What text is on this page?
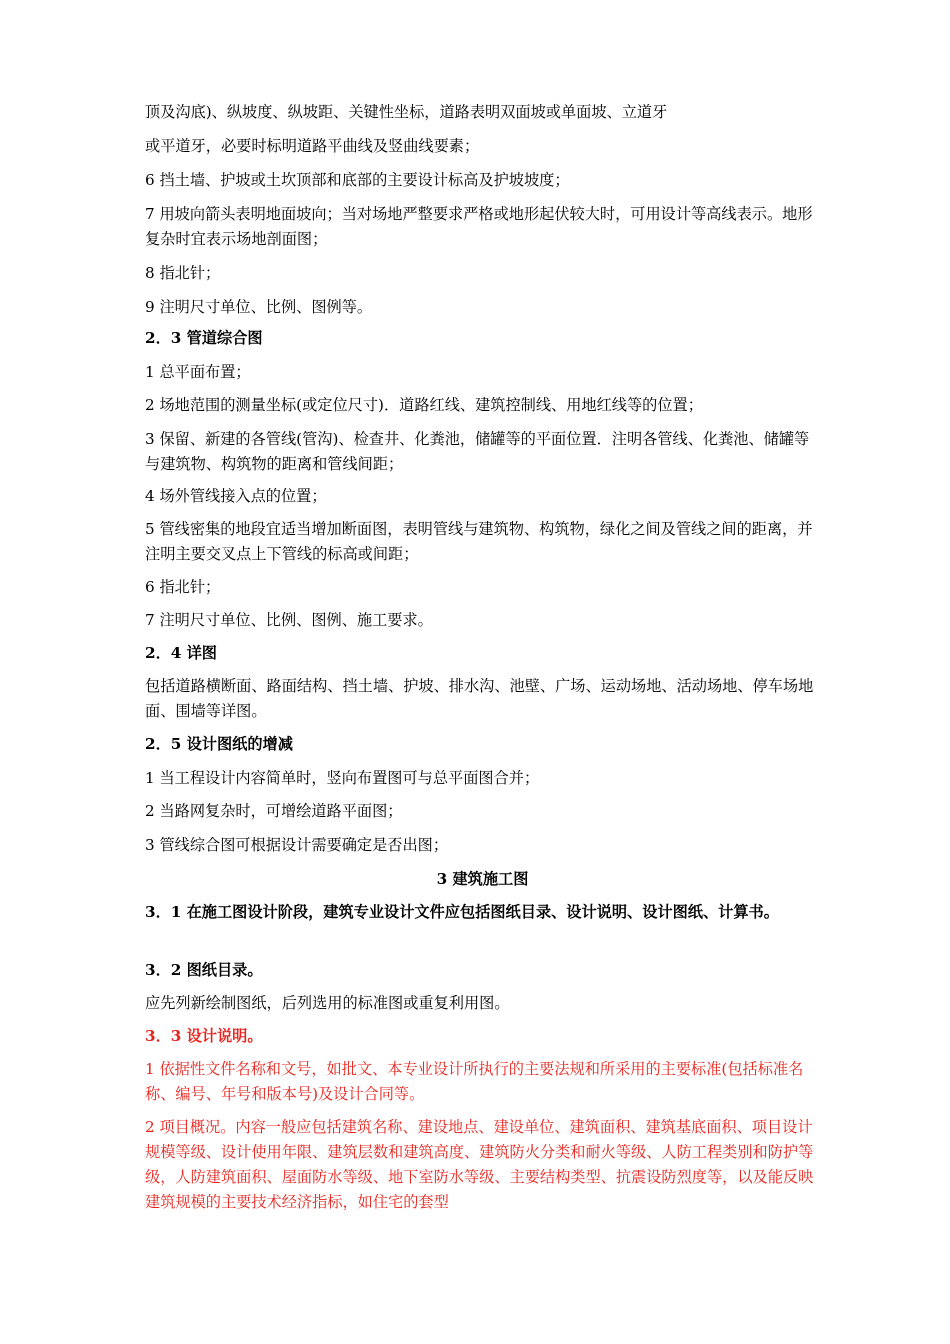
顶及沟底)、纵坡度、纵坡距、关键性坐标，道路表明双面坡或单面坡、立道牙

或平道牙，必要时标明道路平曲线及竖曲线要素；

6 挡土墙、护坡或土坎顶部和底部的主要设计标高及护坡坡度；

7 用坡向箭头表明地面坡向；当对场地严整要求严格或地形起伏较大时，可用设计等高线表示。地形复杂时宜表示场地剖面图；

8 指北针；

9 注明尺寸单位、比例、图例等。

2．3 管道综合图

1 总平面布置；

2 场地范围的测量坐标(或定位尺寸)．道路红线、建筑控制线、用地红线等的位置；

3 保留、新建的各管线(管沟)、检查井、化粪池，储罐等的平面位置．注明各管线、化粪池、储罐等与建筑物、构筑物的距离和管线间距；

4 场外管线接入点的位置；

5 管线密集的地段宜适当增加断面图，表明管线与建筑物、构筑物，绿化之间及管线之间的距离，并注明主要交叉点上下管线的标高或间距；

6 指北针；

7 注明尺寸单位、比例、图例、施工要求。

2．4 详图

包括道路横断面、路面结构、挡土墙、护坡、排水沟、池壁、广场、运动场地、活动场地、停车场地面、围墙等详图。

2．5 设计图纸的增减

1 当工程设计内容简单时，竖向布置图可与总平面图合并；

2 当路网复杂时，可增绘道路平面图；

3 管线综合图可根据设计需要确定是否出图；

3 建筑施工图

3．1 在施工图设计阶段，建筑专业设计文件应包括图纸目录、设计说明、设计图纸、计算书。

3．2 图纸目录。

应先列新绘制图纸，后列选用的标准图或重复利用图。

3．3 设计说明。

1 依据性文件名称和文号，如批文、本专业设计所执行的主要法规和所采用的主要标准(包括标准名称、编号、年号和版本号)及设计合同等。

2 项目概况。内容一般应包括建筑名称、建设地点、建设单位、建筑面积、建筑基底面积、项目设计规模等级、设计使用年限、建筑层数和建筑高度、建筑防火分类和耐火等级、人防工程类别和防护等级，人防建筑面积、屋面防水等级、地下室防水等级、主要结构类型、抗震设防烈度等，以及能反映建筑规模的主要技术经济指标，如住宅的套型
